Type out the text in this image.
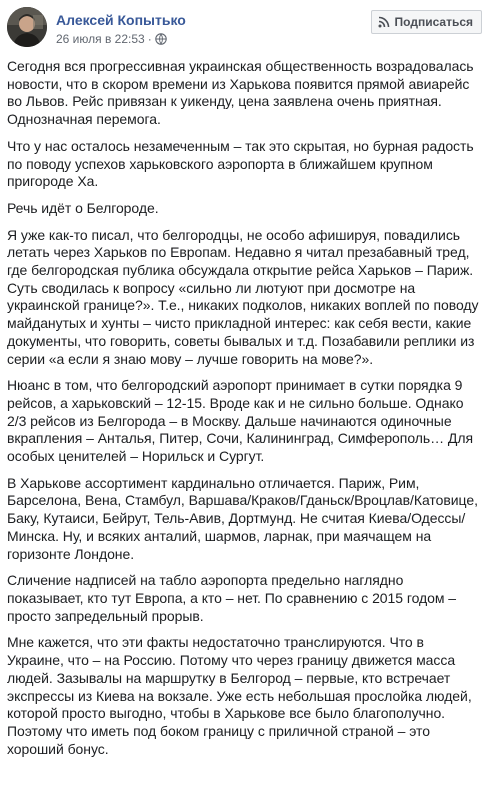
Алексей Копытько
26 июля в 22:53 ·
Подписаться

Сегодня вся прогрессивная украинская общественность возрадовалась новости, что в скором времени из Харькова появится прямой авиарейс во Львов. Рейс привязан к уикенду, цена заявлена очень приятная. Однозначная перемога.

Что у нас осталось незамеченным – так это скрытая, но бурная радость по поводу успехов харьковского аэропорта в ближайшем крупном пригороде Ха.

Речь идёт о Белгороде.

Я уже как-то писал, что белгородцы, не особо афишируя, повадились летать через Харьков по Европам. Недавно я читал презабавный тред, где белгородская публика обсуждала открытие рейса Харьков – Париж. Суть сводилась к вопросу «сильно ли лютуют при досмотре на украинской границе?». Т.е., никаких подколов, никаких воплей по поводу майданутых и хунты – чисто прикладной интерес: как себя вести, какие документы, что говорить, советы бывалых и т.д. Позабавили реплики из серии «а если я знаю мову – лучше говорить на мове?».

Нюанс в том, что белгородский аэропорт принимает в сутки порядка 9 рейсов, а харьковский – 12-15. Вроде как и не сильно больше. Однако 2/3 рейсов из Белгорода – в Москву. Дальше начинаются одиночные вкрапления – Анталья, Питер, Сочи, Калининград, Симферополь… Для особых ценителей – Норильск и Сургут.

В Харькове ассортимент кардинально отличается. Париж, Рим, Барселона, Вена, Стамбул, Варшава/Краков/Гданьск/Вроцлав/Катовице, Баку, Кутаиси, Бейрут, Тель-Авив, Дортмунд. Не считая Киева/Одессы/Минска. Ну, и всяких анталий, шармов, ларнак, при маячащем на горизонте Лондоне.

Сличение надписей на табло аэропорта предельно наглядно показывает, кто тут Европа, а кто – нет. По сравнению с 2015 годом – просто запредельный прорыв.

Мне кажется, что эти факты недостаточно транслируются. Что в Украине, что – на Россию. Потому что через границу движется масса людей. Зазывалы на маршрутку в Белгород – первые, кто встречает экспрессы из Киева на вокзале. Уже есть небольшая прослойка людей, которой просто выгодно, чтобы в Харькове все было благополучно. Поэтому что иметь под боком границу с приличной страной – это хороший бонус.
